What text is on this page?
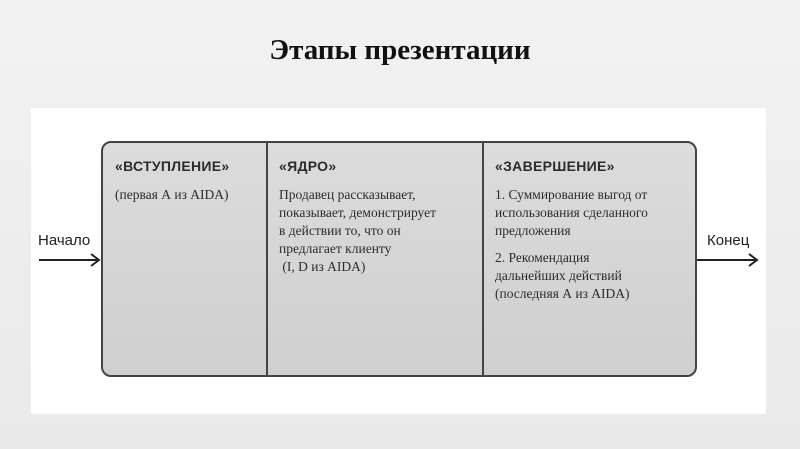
Этапы презентации
Начало	Конец
«ВСТУПЛЕНИЕ»
(первая А из AIDA)
«ЯДРО»
Продавец рассказывает,
показывает, демонстрирует
в действии то, что он
предлагает клиенту
(I, D из AIDA)
«ЗАВЕРШЕНИЕ»
1. Суммирование выгод от
использования сделанного
предложения
2. Рекомендация
дальнейших действий
(последняя А из AIDA)
